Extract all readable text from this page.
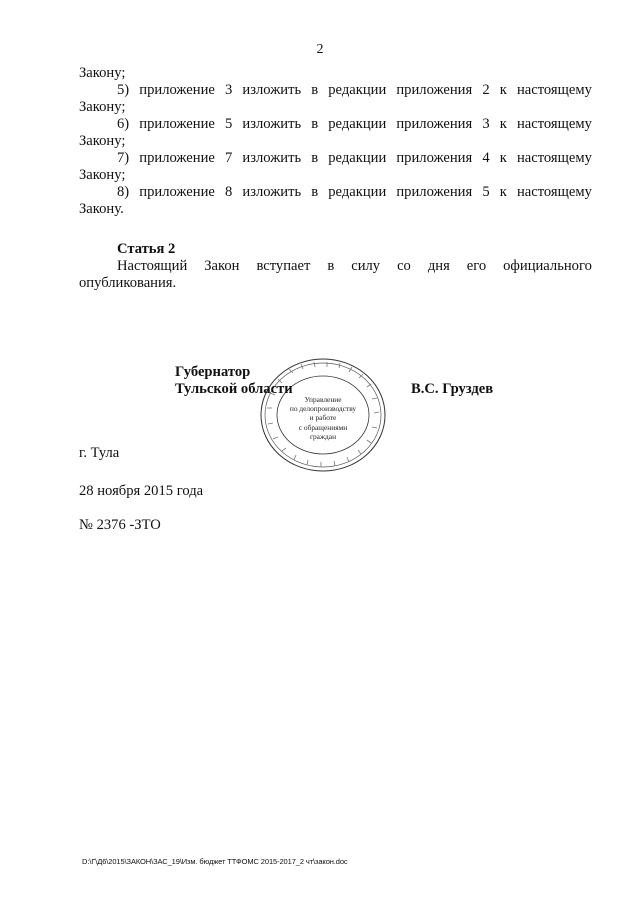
2
Закону;
5) приложение 3 изложить в редакции приложения 2 к настоящему
Закону;
6) приложение 5 изложить в редакции приложения 3 к настоящему
Закону;
7) приложение 7 изложить в редакции приложения 4 к настоящему
Закону;
8) приложение 8 изложить в редакции приложения 5 к настоящему
Закону.
Статья 2
Настоящий Закон вступает в силу со дня его официального
опубликования.
Управление
по делопроизводству
и работе
с обращениями
граждан
Губернатор
Тульской области	В.С. Груздев
г. Тула
28 ноября 2015 года
№ 2376 -ЗТО
D:\Г\Д6\2015\ЗАКОН\ЗАС_19\Изм. бюджет ТТФОМС 2015-2017_2 чт\закон.doc
